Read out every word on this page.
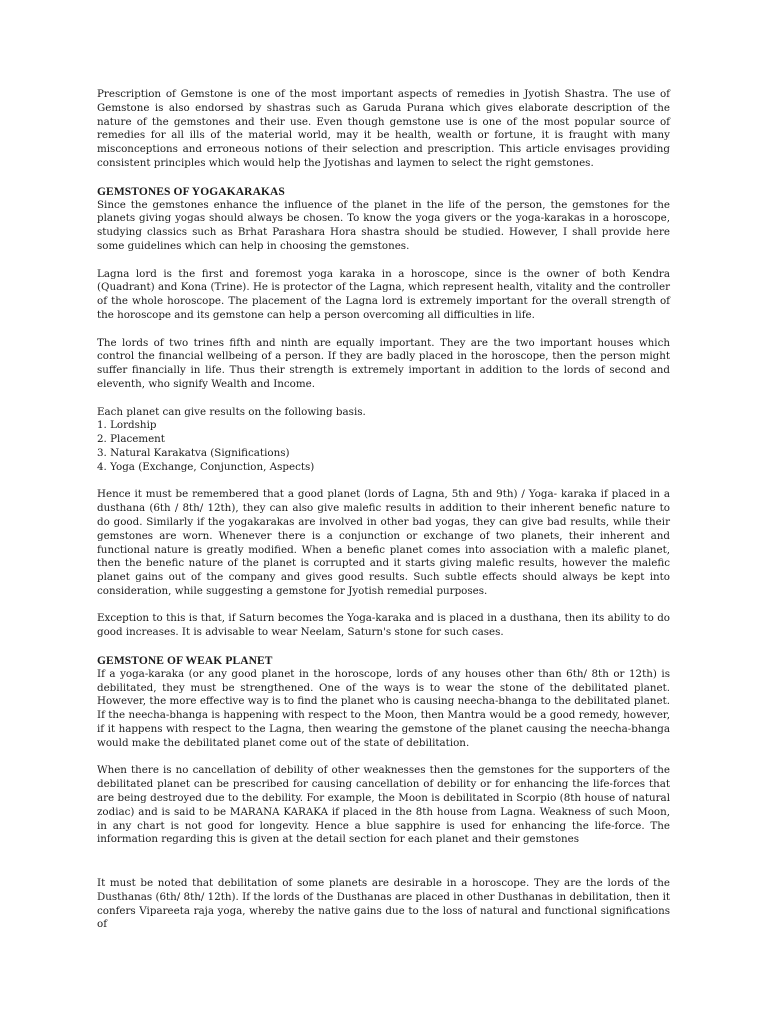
Prescription of Gemstone is one of the most important aspects of remedies in Jyotish Shastra. The use of Gemstone is also endorsed by shastras such as Garuda Purana which gives elaborate description of the nature of the gemstones and their use. Even though gemstone use is one of the most popular source of remedies for all ills of the material world, may it be health, wealth or fortune, it is fraught with many misconceptions and erroneous notions of their selection and prescription. This article envisages providing consistent principles which would help the Jyotishas and laymen to select the right gemstones.

GEMSTONES OF YOGAKARAKAS

Since the gemstones enhance the influence of the planet in the life of the person, the gemstones for the planets giving yogas should always be chosen. To know the yoga givers or the yoga-karakas in a horoscope, studying classics such as Brhat Parashara Hora shastra should be studied. However, I shall provide here some guidelines which can help in choosing the gemstones.

Lagna lord is the first and foremost yoga karaka in a horoscope, since is the owner of both Kendra (Quadrant) and Kona (Trine). He is protector of the Lagna, which represent health, vitality and the controller of the whole horoscope. The placement of the Lagna lord is extremely important for the overall strength of the horoscope and its gemstone can help a person overcoming all difficulties in life.

The lords of two trines fifth and ninth are equally important. They are the two important houses which control the financial wellbeing of a person. If they are badly placed in the horoscope, then the person might suffer financially in life. Thus their strength is extremely important in addition to the lords of second and eleventh, who signify Wealth and Income.

Each planet can give results on the following basis.
1. Lordship
2. Placement
3. Natural Karakatva (Significations)
4. Yoga (Exchange, Conjunction, Aspects)

Hence it must be remembered that a good planet (lords of Lagna, 5th and 9th) / Yoga- karaka if placed in a dusthana (6th / 8th/ 12th), they can also give malefic results in addition to their inherent benefic nature to do good. Similarly if the yogakarakas are involved in other bad yogas, they can give bad results, while their gemstones are worn. Whenever there is a conjunction or exchange of two planets, their inherent and functional nature is greatly modified. When a benefic planet comes into association with a malefic planet, then the benefic nature of the planet is corrupted and it starts giving malefic results, however the malefic planet gains out of the company and gives good results. Such subtle effects should always be kept into consideration, while suggesting a gemstone for Jyotish remedial purposes.

Exception to this is that, if Saturn becomes the Yoga-karaka and is placed in a dusthana, then its ability to do good increases. It is advisable to wear Neelam, Saturn's stone for such cases.

GEMSTONE OF WEAK PLANET

If a yoga-karaka (or any good planet in the horoscope, lords of any houses other than 6th/ 8th or 12th) is debilitated, they must be strengthened. One of the ways is to wear the stone of the debilitated planet. However, the more effective way is to find the planet who is causing neecha-bhanga to the debilitated planet. If the neecha-bhanga is happening with respect to the Moon, then Mantra would be a good remedy, however, if it happens with respect to the Lagna, then wearing the gemstone of the planet causing the neecha-bhanga would make the debilitated planet come out of the state of debilitation.

When there is no cancellation of debility of other weaknesses then the gemstones for the supporters of the debilitated planet can be prescribed for causing cancellation of debility or for enhancing the life-forces that are being destroyed due to the debility. For example, the Moon is debilitated in Scorpio (8th house of natural zodiac) and is said to be MARANA KARAKA if placed in the 8th house from Lagna. Weakness of such Moon, in any chart is not good for longevity. Hence a blue sapphire is used for enhancing the life-force. The information regarding this is given at the detail section for each planet and their gemstones

It must be noted that debilitation of some planets are desirable in a horoscope. They are the lords of the Dusthanas (6th/ 8th/ 12th). If the lords of the Dusthanas are placed in other Dusthanas in debilitation, then it confers Vipareeta raja yoga, whereby the native gains due to the loss of natural and functional significations of
